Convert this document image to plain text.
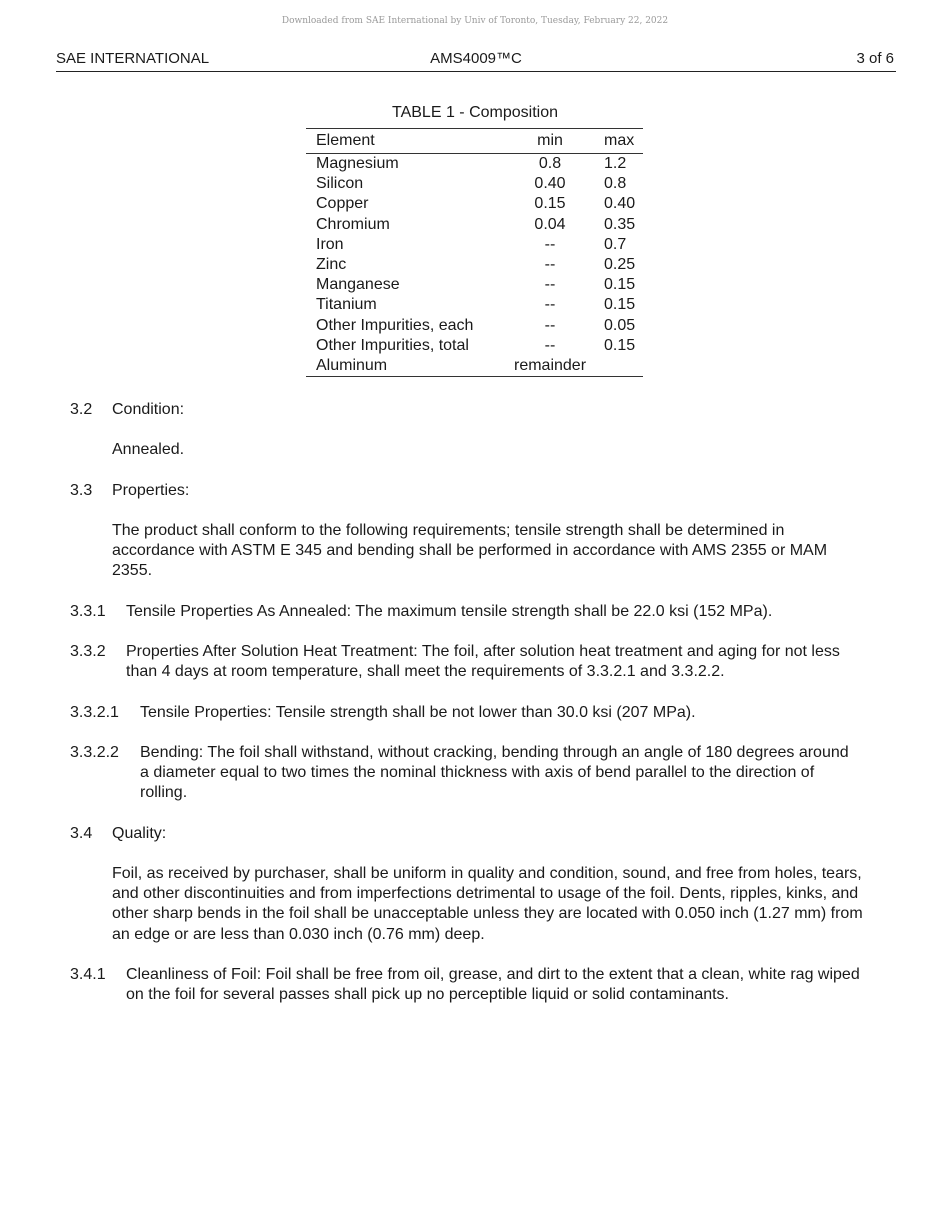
Downloaded from SAE International by Univ of Toronto, Tuesday, February 22, 2022
SAE INTERNATIONAL	AMS4009™C	3 of 6
TABLE 1 - Composition
Element	min	max
Magnesium	0.8	1.2
Silicon	0.40	0.8
Copper	0.15	0.40
Chromium	0.04	0.35
Iron	--	0.7
Zinc	--	0.25
Manganese	--	0.15
Titanium	--	0.15
Other Impurities, each	--	0.05
Other Impurities, total	--	0.15
Aluminum	remainder	
3.2 Condition:
Annealed.
3.3 Properties:
The product shall conform to the following requirements; tensile strength shall be determined in accordance with ASTM E 345 and bending shall be performed in accordance with AMS 2355 or MAM 2355.
3.3.1 Tensile Properties As Annealed: The maximum tensile strength shall be 22.0 ksi (152 MPa).
3.3.2 Properties After Solution Heat Treatment: The foil, after solution heat treatment and aging for not less than 4 days at room temperature, shall meet the requirements of 3.3.2.1 and 3.3.2.2.
3.3.2.1 Tensile Properties: Tensile strength shall be not lower than 30.0 ksi (207 MPa).
3.3.2.2 Bending: The foil shall withstand, without cracking, bending through an angle of 180 degrees around a diameter equal to two times the nominal thickness with axis of bend parallel to the direction of rolling.
3.4 Quality:
Foil, as received by purchaser, shall be uniform in quality and condition, sound, and free from holes, tears, and other discontinuities and from imperfections detrimental to usage of the foil. Dents, ripples, kinks, and other sharp bends in the foil shall be unacceptable unless they are located with 0.050 inch (1.27 mm) from an edge or are less than 0.030 inch (0.76 mm) deep.
3.4.1 Cleanliness of Foil: Foil shall be free from oil, grease, and dirt to the extent that a clean, white rag wiped on the foil for several passes shall pick up no perceptible liquid or solid contaminants.
